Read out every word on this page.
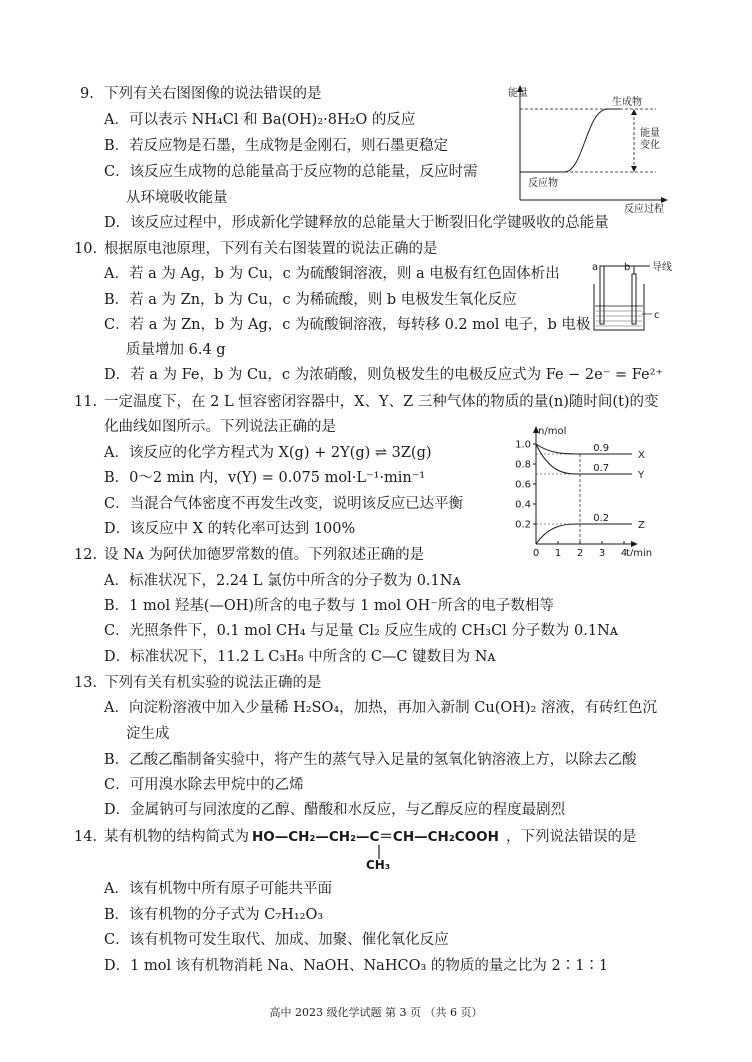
9. 下列有关右图图像的说法错误的是
A．可以表示 NH₄Cl 和 Ba(OH)₂·8H₂O 的反应
B．若反应物是石墨，生成物是金刚石，则石墨更稳定
C．该反应生成物的总能量高于反应物的总能量，反应时需
从环境吸收能量
D．该反应过程中，形成新化学键释放的总能量大于断裂旧化学键吸收的总能量
能量
生成物
反应物
能量
变化
反应过程
10. 根据原电池原理，下列有关右图装置的说法正确的是
A．若 a 为 Ag，b 为 Cu，c 为硫酸铜溶液，则 a 电极有红色固体析出
B．若 a 为 Zn，b 为 Cu，c 为稀硫酸，则 b 电极发生氧化反应
C．若 a 为 Zn，b 为 Ag，c 为硫酸铜溶液，每转移 0.2 mol 电子，b 电极
质量增加 6.4 g
D．若 a 为 Fe，b 为 Cu，c 为浓硝酸，则负极发生的电极反应式为 Fe − 2e⁻ = Fe²⁺
导线
a	b
c
11. 一定温度下，在 2 L 恒容密闭容器中，X、Y、Z 三种气体的物质的量(n)随时间(t)的变
化曲线如图所示。下列说法正确的是
A．该反应的化学方程式为 X(g) + 2Y(g) ⇌ 3Z(g)
B．0～2 min 内，v(Y) = 0.075 mol·L⁻¹·min⁻¹
C．当混合气体密度不再发生改变，说明该反应已达平衡
D．该反应中 X 的转化率可达到 100%	0.2
0.4
0.6
0.8
1.0
0 1 2 3 4
n/mol
t/min
0.9
X
0.7
Y
0.2
Z
12. 设 Nᴀ 为阿伏加德罗常数的值。下列叙述正确的是
A．标准状况下，2.24 L 氯仿中所含的分子数为 0.1Nᴀ
B．1 mol 羟基(—OH)所含的电子数与 1 mol OH⁻所含的电子数相等
C．光照条件下，0.1 mol CH₄ 与足量 Cl₂ 反应生成的 CH₃Cl 分子数为 0.1Nᴀ
D．标准状况下，11.2 L C₃H₈ 中所含的 C—C 键数目为 Nᴀ
13. 下列有关有机实验的说法正确的是
A．向淀粉溶液中加入少量稀 H₂SO₄，加热，再加入新制 Cu(OH)₂ 溶液，有砖红色沉
淀生成
B．乙酸乙酯制备实验中，将产生的蒸气导入足量的氢氧化钠溶液上方，以除去乙酸
C．可用溴水除去甲烷中的乙烯
D．金属钠可与同浓度的乙醇、醋酸和水反应，与乙醇反应的程度最剧烈
14. 某有机物的结构简式为 HO—CH₂—CH₂—C＝CH—CH₂COOH
CH₃
，下列说法错误的是
A．该有机物中所有原子可能共平面
B．该有机物的分子式为 C₇H₁₂O₃
C．该有机物可发生取代、加成、加聚、催化氧化反应
D．1 mol 该有机物消耗 Na、NaOH、NaHCO₃ 的物质的量之比为 2∶1∶1
高中 2023 级化学试题 第 3 页 （共 6 页）
